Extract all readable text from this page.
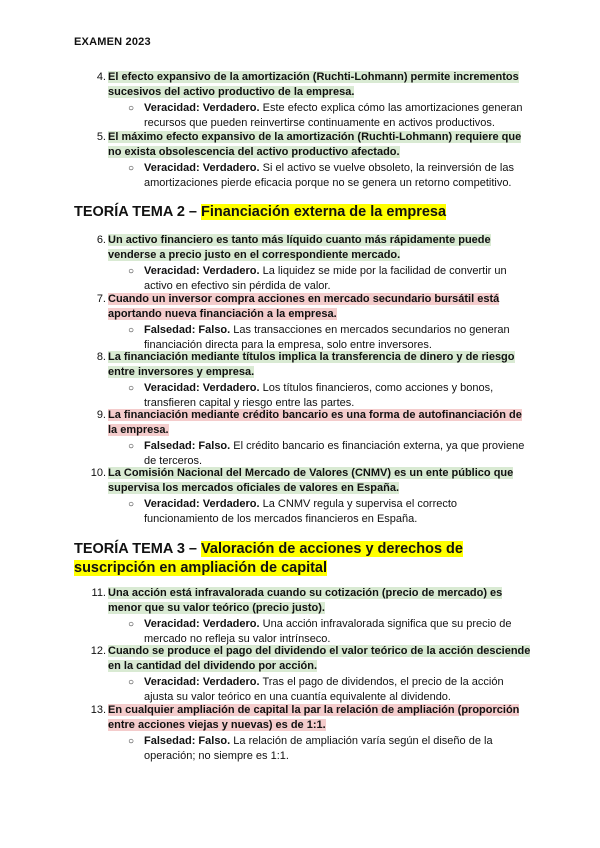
EXAMEN 2023
4. El efecto expansivo de la amortización (Ruchti-Lohmann) permite incrementos sucesivos del activo productivo de la empresa.
○ Veracidad: Verdadero. Este efecto explica cómo las amortizaciones generan recursos que pueden reinvertirse continuamente en activos productivos.
5. El máximo efecto expansivo de la amortización (Ruchti-Lohmann) requiere que no exista obsolescencia del activo productivo afectado.
○ Veracidad: Verdadero. Si el activo se vuelve obsoleto, la reinversión de las amortizaciones pierde eficacia porque no se genera un retorno competitivo.
TEORÍA TEMA 2 – Financiación externa de la empresa
6. Un activo financiero es tanto más líquido cuanto más rápidamente puede venderse a precio justo en el correspondiente mercado.
○ Veracidad: Verdadero. La liquidez se mide por la facilidad de convertir un activo en efectivo sin pérdida de valor.
7. Cuando un inversor compra acciones en mercado secundario bursátil está aportando nueva financiación a la empresa.
○ Falsedad: Falso. Las transacciones en mercados secundarios no generan financiación directa para la empresa, solo entre inversores.
8. La financiación mediante títulos implica la transferencia de dinero y de riesgo entre inversores y empresa.
○ Veracidad: Verdadero. Los títulos financieros, como acciones y bonos, transfieren capital y riesgo entre las partes.
9. La financiación mediante crédito bancario es una forma de autofinanciación de la empresa.
○ Falsedad: Falso. El crédito bancario es financiación externa, ya que proviene de terceros.
10. La Comisión Nacional del Mercado de Valores (CNMV) es un ente público que supervisa los mercados oficiales de valores en España.
○ Veracidad: Verdadero. La CNMV regula y supervisa el correcto funcionamiento de los mercados financieros en España.
TEORÍA TEMA 3 – Valoración de acciones y derechos de suscripción en ampliación de capital
11. Una acción está infravalorada cuando su cotización (precio de mercado) es menor que su valor teórico (precio justo).
○ Veracidad: Verdadero. Una acción infravalorada significa que su precio de mercado no refleja su valor intrínseco.
12. Cuando se produce el pago del dividendo el valor teórico de la acción desciende en la cantidad del dividendo por acción.
○ Veracidad: Verdadero. Tras el pago de dividendos, el precio de la acción ajusta su valor teórico en una cuantía equivalente al dividendo.
13. En cualquier ampliación de capital la par la relación de ampliación (proporción entre acciones viejas y nuevas) es de 1:1.
○ Falsedad: Falso. La relación de ampliación varía según el diseño de la operación; no siempre es 1:1.
